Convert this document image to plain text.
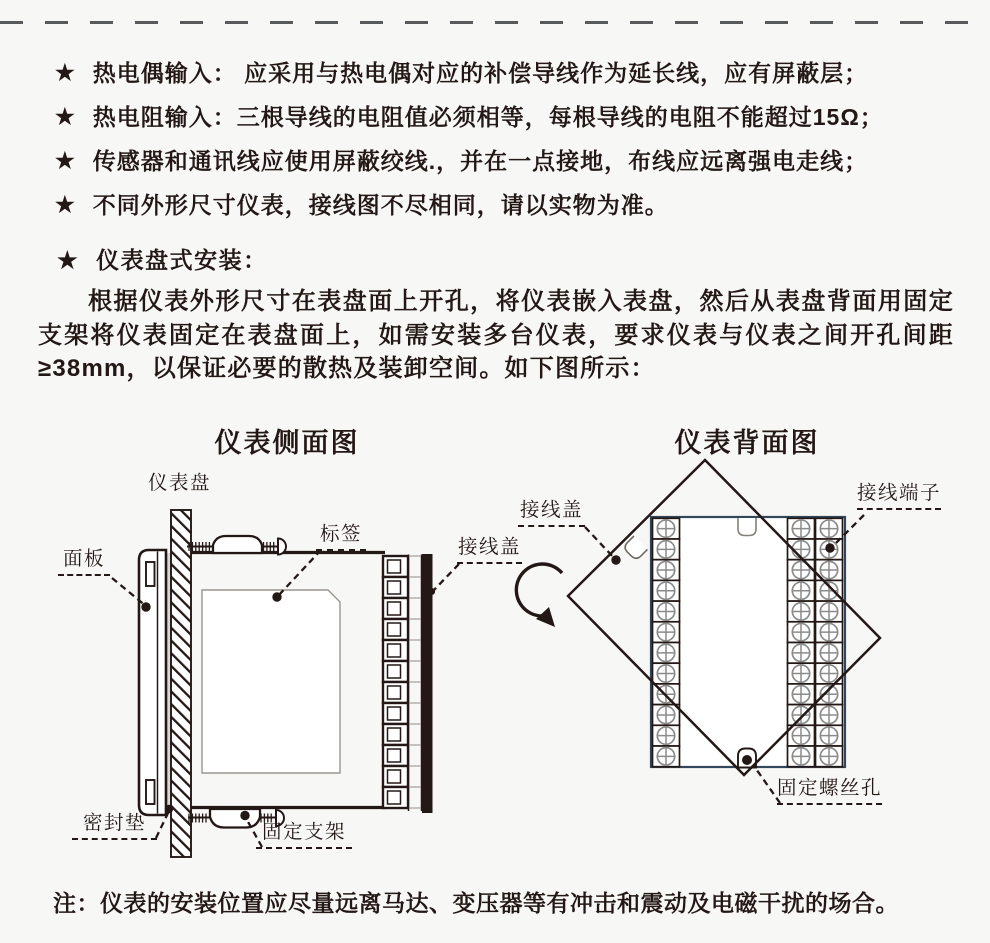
★ 热电偶输入： 应采用与热电偶对应的补偿导线作为延长线，应有屏蔽层；
★ 热电阻输入：三根导线的电阻值必须相等，每根导线的电阻不能超过15Ω；
★ 传感器和通讯线应使用屏蔽绞线.，并在一点接地，布线应远离强电走线；
★ 不同外形尺寸仪表，接线图不尽相同，请以实物为准。
★ 仪表盘式安装：
根据仪表外形尺寸在表盘面上开孔，将仪表嵌入表盘，然后从表盘背面用固定支架将仪表固定在表盘面上，如需安装多台仪表，要求仪表与仪表之间开孔间距≥38mm，以保证必要的散热及装卸空间。如下图所示：
仪表侧面图	仪表背面图
仪表盘
面板
标签
接线盖
密封垫	固定支架
接线盖
接线端子
固定螺丝孔
注：仪表的安装位置应尽量远离马达、变压器等有冲击和震动及电磁干扰的场合。
